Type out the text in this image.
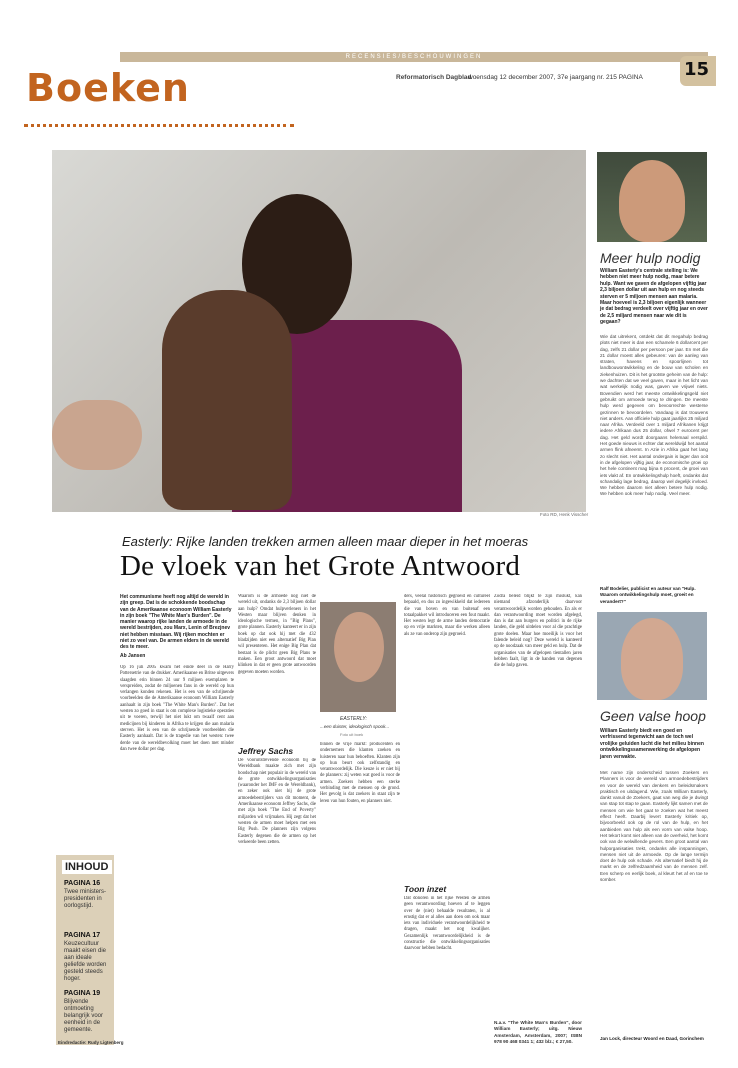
RECENSIES/BESCHOUWINGEN
Boeken	Reformatorisch Dagblad
woensdag 12 december 2007, 37e jaargang nr. 215 PAGINA 15
Foto RD, Henk Visscher
Meer hulp nodig
William Easterly's centrale stelling is: We hebben niet meer hulp nodig, maar betere hulp. Want we gaven de afgelopen vijftig jaar 2,3 biljoen dollar uit aan hulp en nog steeds sterven er 5 miljoen mensen aan malaria. Maar hoeveel is 2,3 biljoen eigenlijk wanneer je dat bedrag verdeelt over vijftig jaar en over de 2,5 miljard mensen naar wie dit is gegaan?
Wie dat uitrekent, ontdekt dat dit megahulp bedrag plots niet meer is dan een schamele 6 dollarcent per dag, zelfs 21 dollar per persoon per jaar. En met die 21 dollar moest alles gebeuren: van de aanleg van straten, havens en spoorlijnen tot landbouwontwikkeling en de bouw van scholen en ziekenhuizen. Dit is het grootste geheim van de hulp: we dachten dat we veel gaven, maar in het licht van wat werkelijk nodig was, gaven we vrijwel niets. Bovendien werd het meeste ontwikkelingsgeld niet gebruikt om armoede terug te dringen. De meeste hulp werd gegeven om bevoorrechte westerse gezinnen te bevoordelen. Vandaag is dat trouwens niet anders. Aan officiele hulp gaat jaarlijks 25 miljard naar Afrika. Verdeeld over 1 miljard Afrikanen krijgt iedere Afrikaan dus 25 dollar, ofwel 7 eurocent per dag. Het geld wordt doorgaans helemaal verspild. Het goede nieuws is echter dat wereldwijd het aantal armen flink afneemt. In Azie in Afrika gaat het lang zo slecht niet. Het aantal ondergain is lager dan ooit in de afgelopen vijftig jaar, de economische groei op het hele continent mag bijna 6 procent, de groei van iets vlakt af. En ontwikkelingshulp hoeft, ondanks dat schandalig lage bedrag, daarop wel degelijk invloed. We hebben daarom niet alleen betere hulp nodig. We hebben ook meer hulp nodig. Veel meer.
Ralf Bodelier, publicist en auteur van "Hulp. Waarom ontwikkelingshulp moet, groeit en verandert?"
Geen valse hoop
William Easterly biedt een goed en verfrissend tegenwicht aan de toch wel vrolijke geluiden lucht die het milieu binnen ontwikkelingssamenwerking de afgelopen jaren verwakte.
Met name zijn onderscheid tussen Zoekers en Planners is voor de wereld van armoedebestrijders en voor de wereld van denkers en beleidsmakers praktisch en uitdagend. Wie, zoals William Easterly, dankt vanuit de Zoekers, gaat van weg die je dwingt van stap tot stap te gaan. Easterly lijkt samen met de mensen om wie het gaat te zoeken wat het meest effect heeft. Daarbij levert Easterly kritiek op, bijvoorbeeld ook op de rol van de hulp, en het aanbieden van hulp als een vorm van valse hoop. Het tekort komt niet alleen van de overheid, het komt ook van de welwillende gevers. Een groot aantal van hulporganisaties trekt, ondanks alle inspanningen, mensen niet uit de armoede. Op de lange termijn doet de hulp ook schade. Als alternatief biedt hij de markt en de zelfredzaamheid van de mensen zelf. Een scherp en eerlijk boek, al kleurt het af en toe te somber.
Jan Lock, directeur Woord en Daad, Gorinchem
Easterly: Rijke landen trekken armen alleen maar dieper in het moeras
De vloek van het Grote Antwoord
Het communisme heeft nog altijd de wereld in zijn greep. Dat is de schokkende boodschap van de Amerikaanse econoom William Easterly in zijn boek "The White Man's Burden". De manier waarop rijke landen de armoede in de wereld bestrijden, zou Marx, Lenin of Brezjnev niet hebben misstaan. Wij rijken mochten er niet zo veel van. De armen elders in de wereld des te meer.
Ab Jansen
Op 16 juli 2005 kwam het einde deel in de Harry Pottersetrie van de drukker. Amerikaanse en Britse uitgevers slaagden erin binnen 24 uur 9 miljoen exemplaren te verspreiden, zodat de miljoenen fans in de wereld op hun verlangen konden rekenen. Het is een van de schrijnende voorbeelden die de Amerikaanse econoom William Easterly aanhaalt in zijn boek "The White Man's Burden". Dat het westen zo goed in staat is om complexe logistieke operaties uit te voeren, terwijl het niet lukt om twaalf cent aan medicijnen bij kinderen in Afrika te krijgen die aan malaria sterven. Het is een van de schrijnende voorbeelden die Easterly aanhaalt. Dat is de tragedie van het westen: twee derde van de wereldbevolking moet het doen met minder dan twee dollar per dag.
Waarom is de armoede nog niet de wereld uit, ondanks de 2,3 biljoen dollar aan hulp? Omdat hulpverleners in het Westen maar blijven denken in ideologische termen, in "Big Plans", grote plannen. Easterly kanteert er in zijn boek op dat ook hij met die 432 bladzijden niet een alternatief Big Plan wil presenteren. Het enige Big Plan dat bestaat is de plicht geen Big Plans te maken. Een groot antwoord dat moet klinken in dat er geen grote antwoorden gegeven moeten worden.
Jeffrey Sachs
De vooruitstrevende econoom bij de Wereldbank maakte zich met zijn boodschap niet populair in de wereld van de grote ontwikkelingsorganisaties (waaronder het IMF en de Wereldbank), en zeker ook niet bij de grote armoedebestrijders van dit moment, de Amerikaanse econoom Jeffrey Sachs, die met zijn boek "The End of Poverty" miljarden wil vrijmaken. Hij zegt dat het westen de armen moet helpen met een Big Push. De planners zijn volgens Easterly degenen die de armen op het verkeerde been zetten.
EASTERLY:
...een duister, ideologisch spook...
Foto uit boek
binnen de vrije markt: producenten en ondernemers die klanten zoeken en luisteren naar hun behoeften. Klanten zijn op hun beurt ook zelfstandig en verantwoordelijk. Die keuze is er niet bij de planners: zij weten wat goed is voor de armen. Zoekers hebben een sterke verbinding met de mensen op de grond. Het gevolg is dat zoekers in staat zijn te leren van hun fouten, en planners niet.
ders, veelal historisch gegroeid en cultureel bepaald, en dus zo ingewikkeld dat iedereen die van boven en van buitenaf een totaalpakket wil introduceren een fout maakt. Het westen legt de arme landen democratie op en vrije markten, maar die werken alleen als ze van onderop zijn gegroeid.
Toon inzet
Dat donoren in het rijke Westen de armen geen verantwoording hoeven af te leggen over de (niet) behaalde resultaten, is al ernstig dat er al alles aan doen om ook maar iets van individuele verantwoordelijkheid te dragen, maakt het nog kwalijker. Gezamenlijk verantwoordelijkheid is de constructie die ontwikkelingsorganisaties daarvoor hebben bedacht.
Zodra beleid blijkt te zijn mislukt, kan niemand afzonderlijk daarvoor verantwoordelijk worden gehouden. En als er dan verantwoording moet worden afgelegd, dan is dat aan burgers en politici in de rijke landen, die geld uitdelen voor al die prachtige grote doelen. Maar hoe moeilijk is voor het falende beleid nog? Deze wereld is kanteerd op de noodzaak van meer geld en hulp. Dat de organisaties van de afgelopen tientallen jaren hebben faalt, ligt in de handen van degenen die de hulp gaven.
N.a.v. "The White Man's Burden", door William Easterly; uitg. Nieuw Amsterdam, Amsterdam, 2007; ISBN 978 90 468 0341 1; 432 blz.; € 27,50.
INHOUD
PAGINA 16
Twee ministers-presidenten in oorlogstijd.
PAGINA 17
Keuzecultuur maakt eisen die aan ideale geliefde worden gesteld steeds hoger.
PAGINA 19
Blijvende ontmoeting belangrijk voor eenheid in de gemeente.
Eindredactie: Rudy Ligtenberg
